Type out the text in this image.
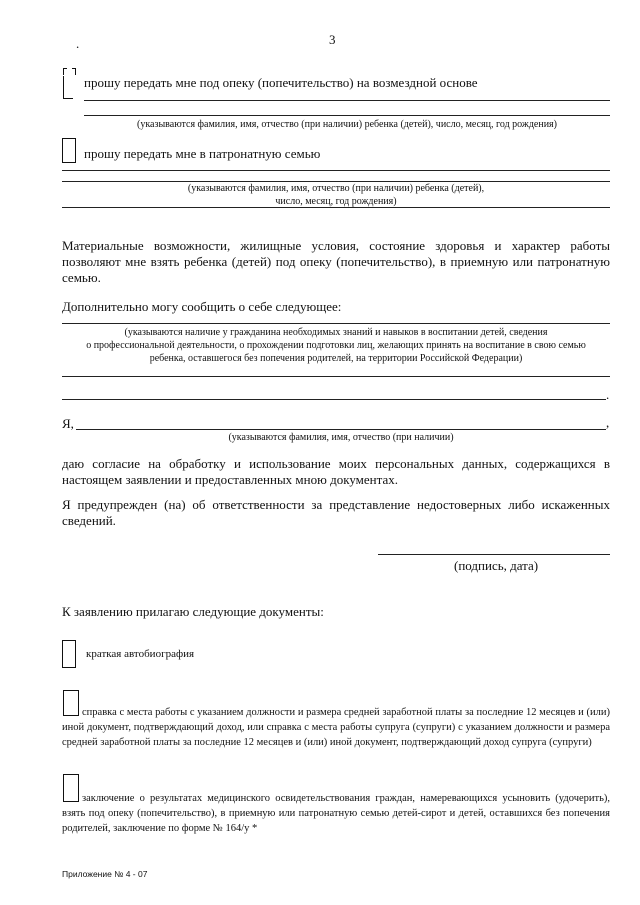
3
.
прошу передать мне под опеку (попечительство) на возмездной основе
(указываются фамилия, имя, отчество (при наличии) ребенка (детей), число, месяц, год рождения)
прошу передать мне в патронатную семью
(указываются фамилия, имя, отчество (при наличии) ребенка (детей),
число, месяц, год рождения)
Материальные возможности, жилищные условия, состояние здоровья и характер работы позволяют мне взять ребенка (детей) под опеку (попечительство), в приемную или патронатную семью.
Дополнительно могу сообщить о себе следующее:
(указываются наличие у гражданина необходимых знаний и навыков в воспитании детей, сведения
о профессиональной деятельности, о прохождении подготовки лиц, желающих принять на воспитание в свою семью
ребенка, оставшегося без попечения родителей, на территории Российской Федерации)
.
Я,	,
(указываются фамилия, имя, отчество (при наличии)
даю согласие на обработку и использование моих персональных данных, содержащихся в настоящем заявлении и предоставленных мною документах.
Я предупрежден (на) об ответственности за представление недостоверных либо искаженных сведений.
(подпись, дата)
К заявлению прилагаю следующие документы:
краткая автобиография
справка с места работы с указанием должности и размера средней заработной платы за последние 12 месяцев и (или) иной документ, подтверждающий доход, или справка с места работы супруга (супруги) с указанием должности и размера средней заработной платы за последние 12 месяцев и (или) иной документ, подтверждающий доход супруга (супруги)
заключение о результатах медицинского освидетельствования граждан, намеревающихся усыновить (удочерить), взять под опеку (попечительство), в приемную или патронатную семью детей-сирот и детей, оставшихся без попечения родителей, заключение по форме № 164/у *
Приложение № 4 - 07
